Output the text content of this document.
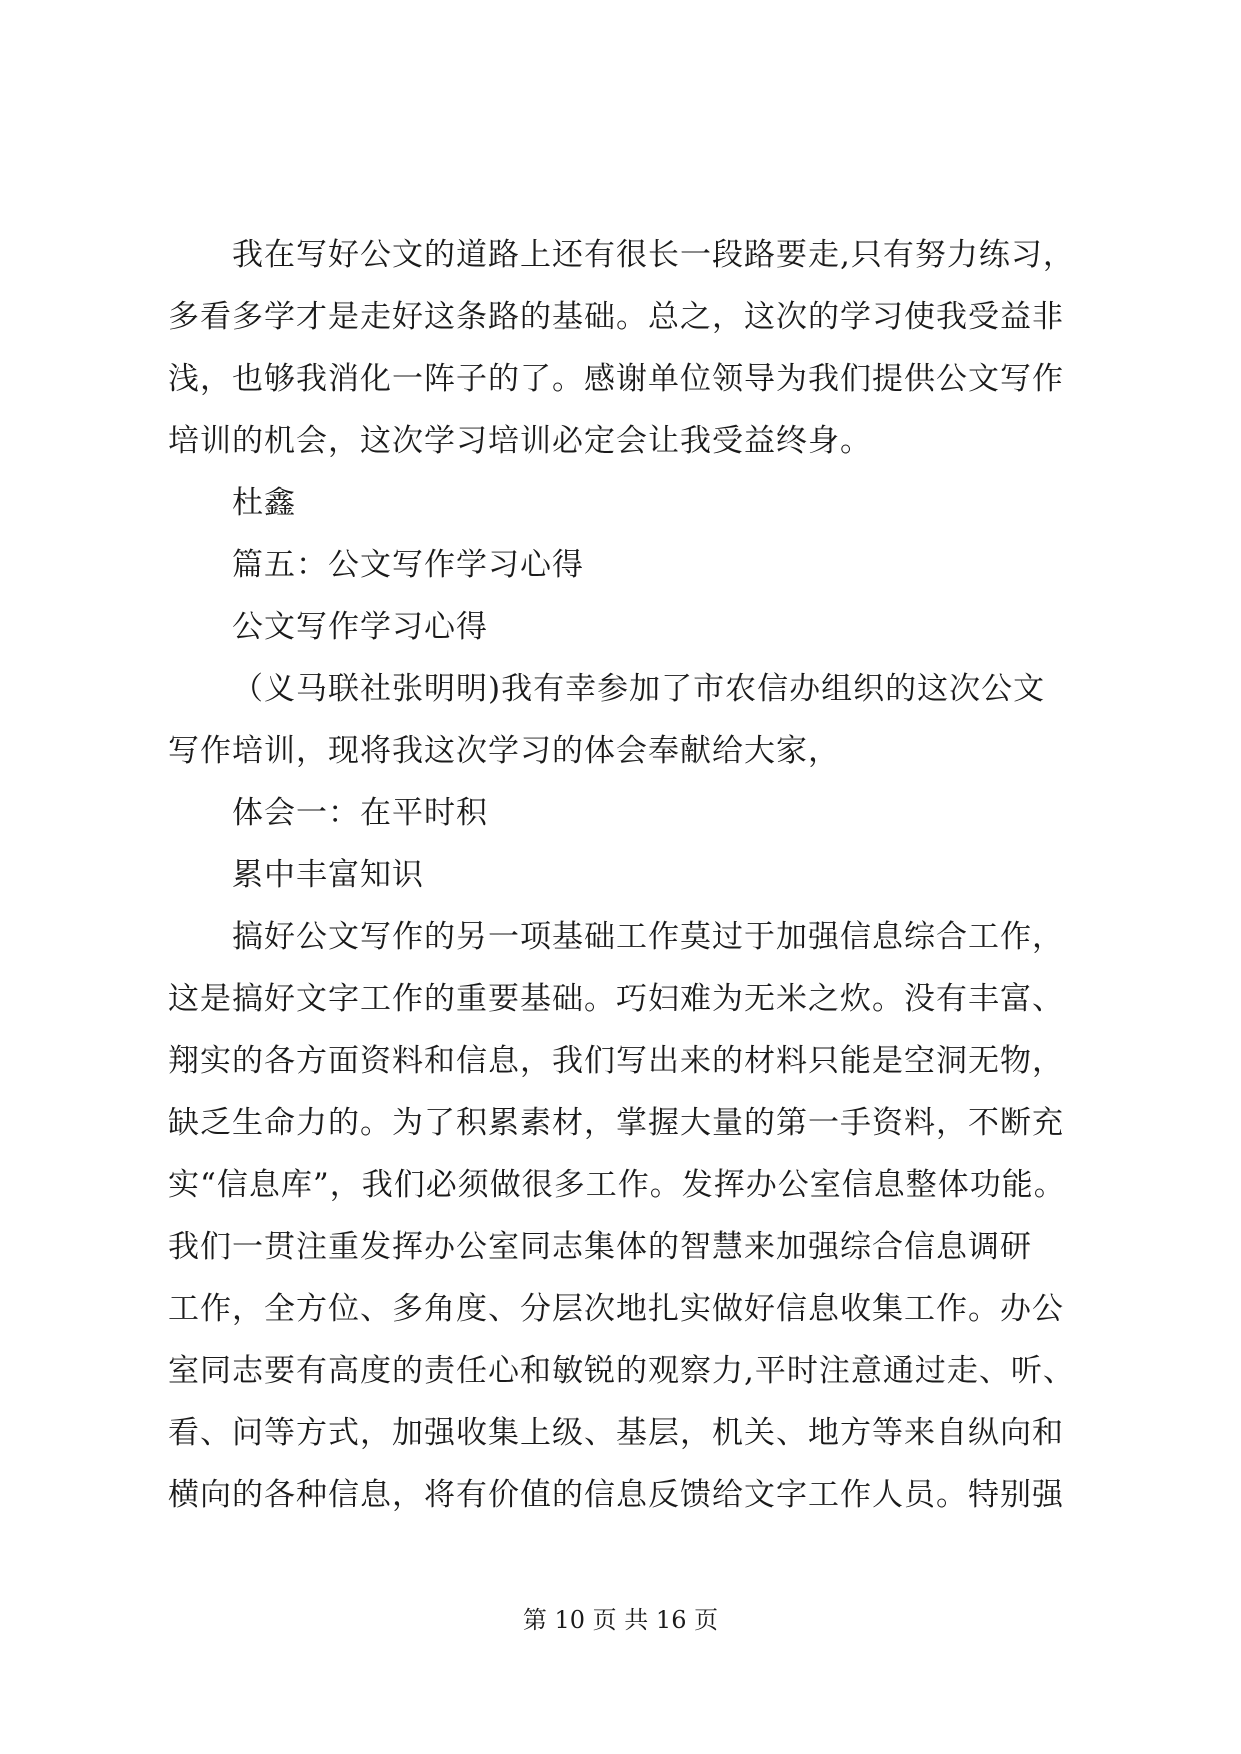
我在写好公文的道路上还有很长一段路要走,只有努力练习，
多看多学才是走好这条路的基础。总之，这次的学习使我受益非
浅，也够我消化一阵子的了。感谢单位领导为我们提供公文写作
培训的机会，这次学习培训必定会让我受益终身。
杜鑫
篇五：公文写作学习心得
公文写作学习心得
（义马联社张明明)我有幸参加了市农信办组织的这次公文
写作培训，现将我这次学习的体会奉献给大家，
体会一：在平时积
累中丰富知识
搞好公文写作的另一项基础工作莫过于加强信息综合工作，
这是搞好文字工作的重要基础。巧妇难为无米之炊。没有丰富、
翔实的各方面资料和信息，我们写出来的材料只能是空洞无物，
缺乏生命力的。为了积累素材，掌握大量的第一手资料，不断充
实“信息库”，我们必须做很多工作。发挥办公室信息整体功能。
我们一贯注重发挥办公室同志集体的智慧来加强综合信息调研
工作，全方位、多角度、分层次地扎实做好信息收集工作。办公
室同志要有高度的责任心和敏锐的观察力,平时注意通过走、听、
看、问等方式，加强收集上级、基层，机关、地方等来自纵向和
横向的各种信息，将有价值的信息反馈给文字工作人员。特别强
第 10 页 共 16 页
